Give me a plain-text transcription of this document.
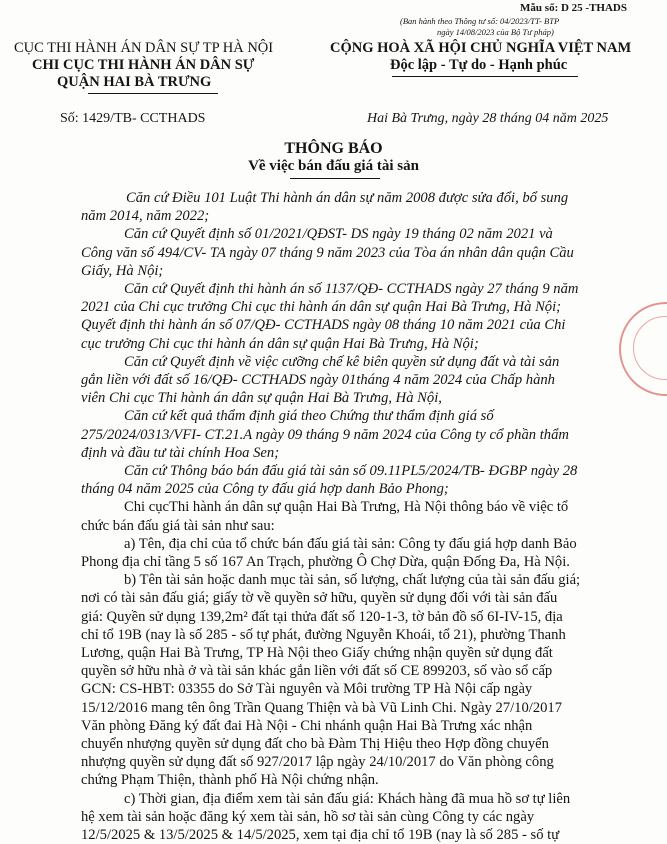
Mẫu số: D 25 -THADS
(Ban hành theo Thông tư số: 04/2023/TT- BTP
ngày 14/08/2023 của Bộ Tư pháp)
CỤC THI HÀNH ÁN DÂN SỰ TP HÀ NỘI
CHI CỤC THI HÀNH ÁN DÂN SỰ
QUẬN HAI BÀ TRƯNG
CỘNG HOÀ XÃ HỘI CHỦ NGHĨA VIỆT NAM
Độc lập - Tự do - Hạnh phúc
Số: 1429/TB- CCTHADS	Hai Bà Trưng, ngày 28 tháng 04 năm 2025
THÔNG BÁO
Về việc bán đấu giá tài sản
Căn cứ Điều 101 Luật Thi hành án dân sự năm 2008 được sửa đổi, bổ sung
năm 2014, năm 2022;
Căn cứ Quyết định số 01/2021/QĐST- DS ngày 19 tháng 02 năm 2021 và
Công văn số 494/CV- TA ngày 07 tháng 9 năm 2023 của Tòa án nhân dân quận Cầu
Giấy, Hà Nội;
Căn cứ Quyết định thi hành án số 1137/QĐ- CCTHADS ngày 27 tháng 9 năm
2021 của Chi cục trưởng Chi cục thi hành án dân sự quận Hai Bà Trưng, Hà Nội;
Quyết định thi hành án số 07/QĐ- CCTHADS ngày 08 tháng 10 năm 2021 của Chi
cục trưởng Chi cục thi hành án dân sự quận Hai Bà Trưng, Hà Nội;
Căn cứ Quyết định về việc cưỡng chế kê biên quyền sử dụng đất và tài sản
gắn liền với đất số 16/QĐ- CCTHADS ngày 01tháng 4 năm 2024 của Chấp hành
viên Chi cục Thi hành án dân sự quận Hai Bà Trưng, Hà Nội,
Căn cứ kết quả thẩm định giá theo Chứng thư thẩm định giá số
275/2024/0313/VFI- CT.21.A ngày 09 tháng 9 năm 2024 của Công ty cổ phần thẩm
định và đầu tư tài chính Hoa Sen;
Căn cứ Thông báo bán đấu giá tài sản số 09.11PL5/2024/TB- ĐGBP ngày 28
tháng 04 năm 2025 của Công ty đấu giá hợp danh Bảo Phong;
Chi cụcThi hành án dân sự quận Hai Bà Trưng, Hà Nội thông báo về việc tổ
chức bán đấu giá tài sản như sau:
a) Tên, địa chỉ của tổ chức bán đấu giá tài sản: Công ty đấu giá hợp danh Bảo
Phong địa chỉ tầng 5 số 167 An Trạch, phường Ô Chợ Dừa, quận Đống Đa, Hà Nội.
b) Tên tài sản hoặc danh mục tài sản, số lượng, chất lượng của tài sản đấu giá;
nơi có tài sản đấu giá; giấy tờ về quyền sở hữu, quyền sử dụng đối với tài sản đấu
giá: Quyền sử dụng 139,2m² đất tại thửa đất số 120-1-3, tờ bản đồ số 6I-IV-15, địa
chỉ tổ 19B (nay là số 285 - số tự phát, đường Nguyễn Khoái, tổ 21), phường Thanh
Lương, quận Hai Bà Trưng, TP Hà Nội theo Giấy chứng nhận quyền sử dụng đất
quyền sở hữu nhà ở và tài sản khác gắn liền với đất số CE 899203, số vào sổ cấp
GCN: CS-HBT: 03355 do Sở Tài nguyên và Môi trường TP Hà Nội cấp ngày
15/12/2016 mang tên ông Trần Quang Thiện và bà Vũ Linh Chi. Ngày 27/10/2017
Văn phòng Đăng ký đất đai Hà Nội - Chi nhánh quận Hai Bà Trưng xác nhận
chuyển nhượng quyền sử dụng đất cho bà Đàm Thị Hiệu theo Hợp đồng chuyển
nhượng quyền sử dụng đất số 927/2017 lập ngày 24/10/2017 do Văn phòng công
chứng Phạm Thiện, thành phố Hà Nội chứng nhận.
c) Thời gian, địa điểm xem tài sản đấu giá: Khách hàng đã mua hồ sơ tự liên
hệ xem tài sản hoặc đăng ký xem tài sản, hồ sơ tài sản cùng Công ty các ngày
12/5/2025 & 13/5/2025 & 14/5/2025, xem tại địa chỉ tổ 19B (nay là số 285 - số tự
